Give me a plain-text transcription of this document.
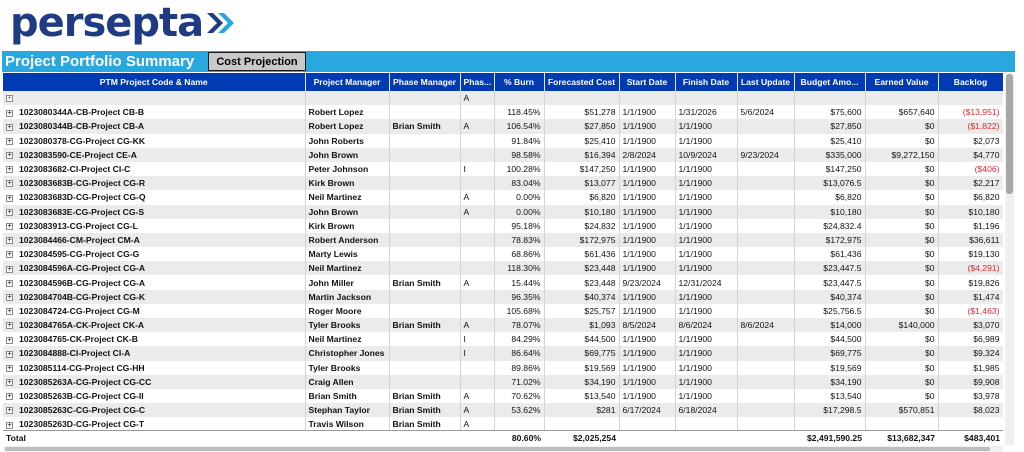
persepta
Project Portfolio Summary	Cost Projection
PTM Project Code & Name	Project Manager	Phase Manager	Phas...	% Burn	Forecasted Cost	Start Date	Finish Date	Last Update	Budget Amo...	Earned Value	Backlog
+			A								
+ 1023080344A-CB-Project CB-B	Robert Lopez			118.45%	$51,278	1/1/1900	1/31/2026	5/6/2024	$75,600	$657,640	($13,951)
+ 1023080344B-CB-Project CB-A	Robert Lopez	Brian Smith	A	106.54%	$27,850	1/1/1900	1/1/1900		$27,850	$0	($1,822)
+ 1023080378-CG-Project CG-KK	John Roberts			91.84%	$25,410	1/1/1900	1/1/1900		$25,410	$0	$2,073
+ 1023083590-CE-Project CE-A	John Brown			98.58%	$16,394	2/8/2024	10/9/2024	9/23/2024	$335,000	$9,272,150	$4,770
+ 1023083682-CI-Project CI-C	Peter Johnson		I	100.28%	$147,250	1/1/1900	1/1/1900		$147,250	$0	($406)
+ 1023083683B-CG-Project CG-R	Kirk Brown			83.04%	$13,077	1/1/1900	1/1/1900		$13,076.5	$0	$2,217
+ 1023083683D-CG-Project CG-Q	Neil Martinez		A	0.00%	$6,820	1/1/1900	1/1/1900		$6,820	$0	$6,820
+ 1023083683E-CG-Project CG-S	John Brown		A	0.00%	$10,180	1/1/1900	1/1/1900		$10,180	$0	$10,180
+ 1023083913-CG-Project CG-L	Kirk Brown			95.18%	$24,832	1/1/1900	1/1/1900		$24,832.4	$0	$1,196
+ 1023084466-CM-Project CM-A	Robert Anderson			78.83%	$172,975	1/1/1900	1/1/1900		$172,975	$0	$36,611
+ 1023084595-CG-Project CG-G	Marty Lewis			68.86%	$61,436	1/1/1900	1/1/1900		$61,436	$0	$19,130
+ 1023084596A-CG-Project CG-A	Neil Martinez			118.30%	$23,448	1/1/1900	1/1/1900		$23,447.5	$0	($4,291)
+ 1023084596B-CG-Project CG-A	John Miller	Brian Smith	A	15.44%	$23,448	9/23/2024	12/31/2024		$23,447.5	$0	$19,826
+ 1023084704B-CG-Project CG-K	Martin Jackson			96.35%	$40,374	1/1/1900	1/1/1900		$40,374	$0	$1,474
+ 1023084724-CG-Project CG-M	Roger Moore			105.68%	$25,757	1/1/1900	1/1/1900		$25,756.5	$0	($1,463)
+ 1023084765A-CK-Project CK-A	Tyler Brooks	Brian Smith	A	78.07%	$1,093	8/5/2024	8/6/2024	8/6/2024	$14,000	$140,000	$3,070
+ 1023084765-CK-Project CK-B	Neil Martinez		I	84.29%	$44,500	1/1/1900	1/1/1900		$44,500	$0	$6,989
+ 1023084888-CI-Project CI-A	Christopher Jones		I	86.64%	$69,775	1/1/1900	1/1/1900		$69,775	$0	$9,324
+ 1023085114-CG-Project CG-HH	Tyler Brooks			89.86%	$19,569	1/1/1900	1/1/1900		$19,569	$0	$1,985
+ 1023085263A-CG-Project CG-CC	Craig Allen			71.02%	$34,190	1/1/1900	1/1/1900		$34,190	$0	$9,908
+ 1023085263B-CG-Project CG-II	Brian Smith	Brian Smith	A	70.62%	$13,540	1/1/1900	1/1/1900		$13,540	$0	$3,978
+ 1023085263C-CG-Project CG-C	Stephan Taylor	Brian Smith	A	53.62%	$281	6/17/2024	6/18/2024		$17,298.5	$570,851	$8,023
+ 1023085263D-CG-Project CG-T	Travis Wilson	Brian Smith	A								
Total				80.60%	$2,025,254				$2,491,590.25	$13,682,347	$483,401
